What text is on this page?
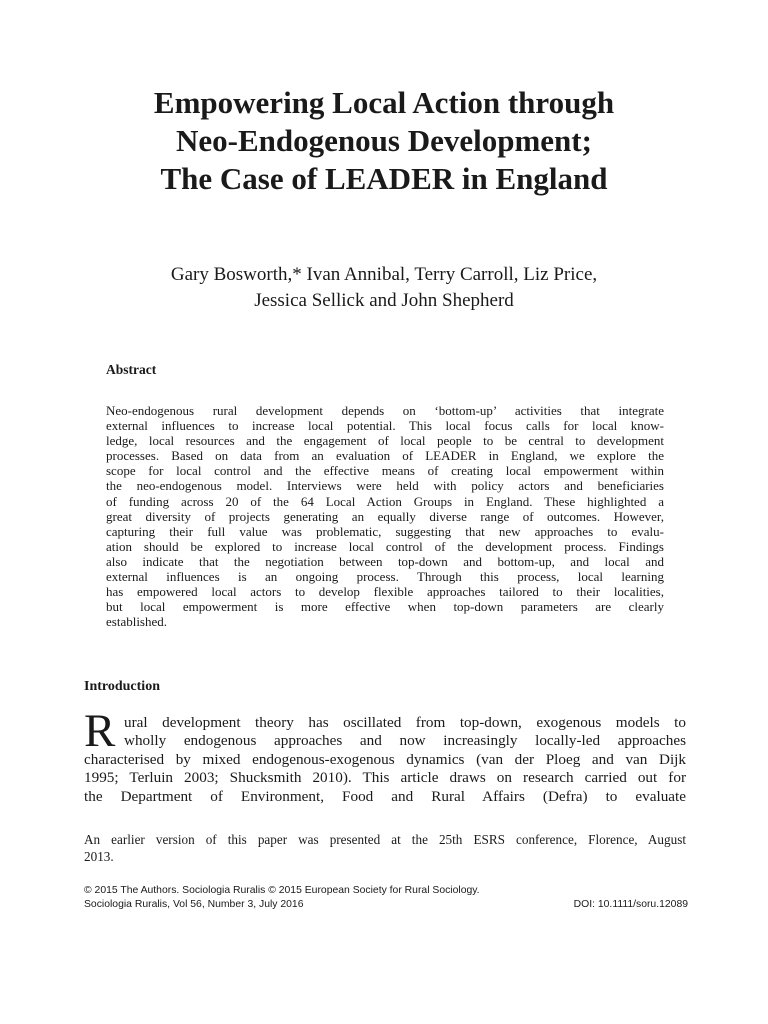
Empowering Local Action through
Neo-Endogenous Development;
The Case of LEADER in England
Gary Bosworth,* Ivan Annibal, Terry Carroll, Liz Price,
Jessica Sellick and John Shepherd
Abstract
Neo-endogenous rural development depends on ‘bottom-up’ activities that integrate
external influences to increase local potential. This local focus calls for local know-
ledge, local resources and the engagement of local people to be central to development
processes. Based on data from an evaluation of LEADER in England, we explore the
scope for local control and the effective means of creating local empowerment within
the neo-endogenous model. Interviews were held with policy actors and beneficiaries
of funding across 20 of the 64 Local Action Groups in England. These highlighted a
great diversity of projects generating an equally diverse range of outcomes. However,
capturing their full value was problematic, suggesting that new approaches to evalu-
ation should be explored to increase local control of the development process. Findings
also indicate that the negotiation between top-down and bottom-up, and local and
external influences is an ongoing process. Through this process, local learning
has empowered local actors to develop flexible approaches tailored to their localities,
but local empowerment is more effective when top-down parameters are clearly
established.
Introduction
R ural development theory has oscillated from top-down, exogenous models to
wholly endogenous approaches and now increasingly locally-led approaches
characterised by mixed endogenous-exogenous dynamics (van der Ploeg and van Dijk
1995; Terluin 2003; Shucksmith 2010). This article draws on research carried out for
the Department of Environment, Food and Rural Affairs (Defra) to evaluate
An earlier version of this paper was presented at the 25th ESRS conference, Florence, August
2013.
© 2015 The Authors. Sociologia Ruralis © 2015 European Society for Rural Sociology.
Sociologia Ruralis, Vol 56, Number 3, July 2016	DOI: 10.1111/soru.12089
